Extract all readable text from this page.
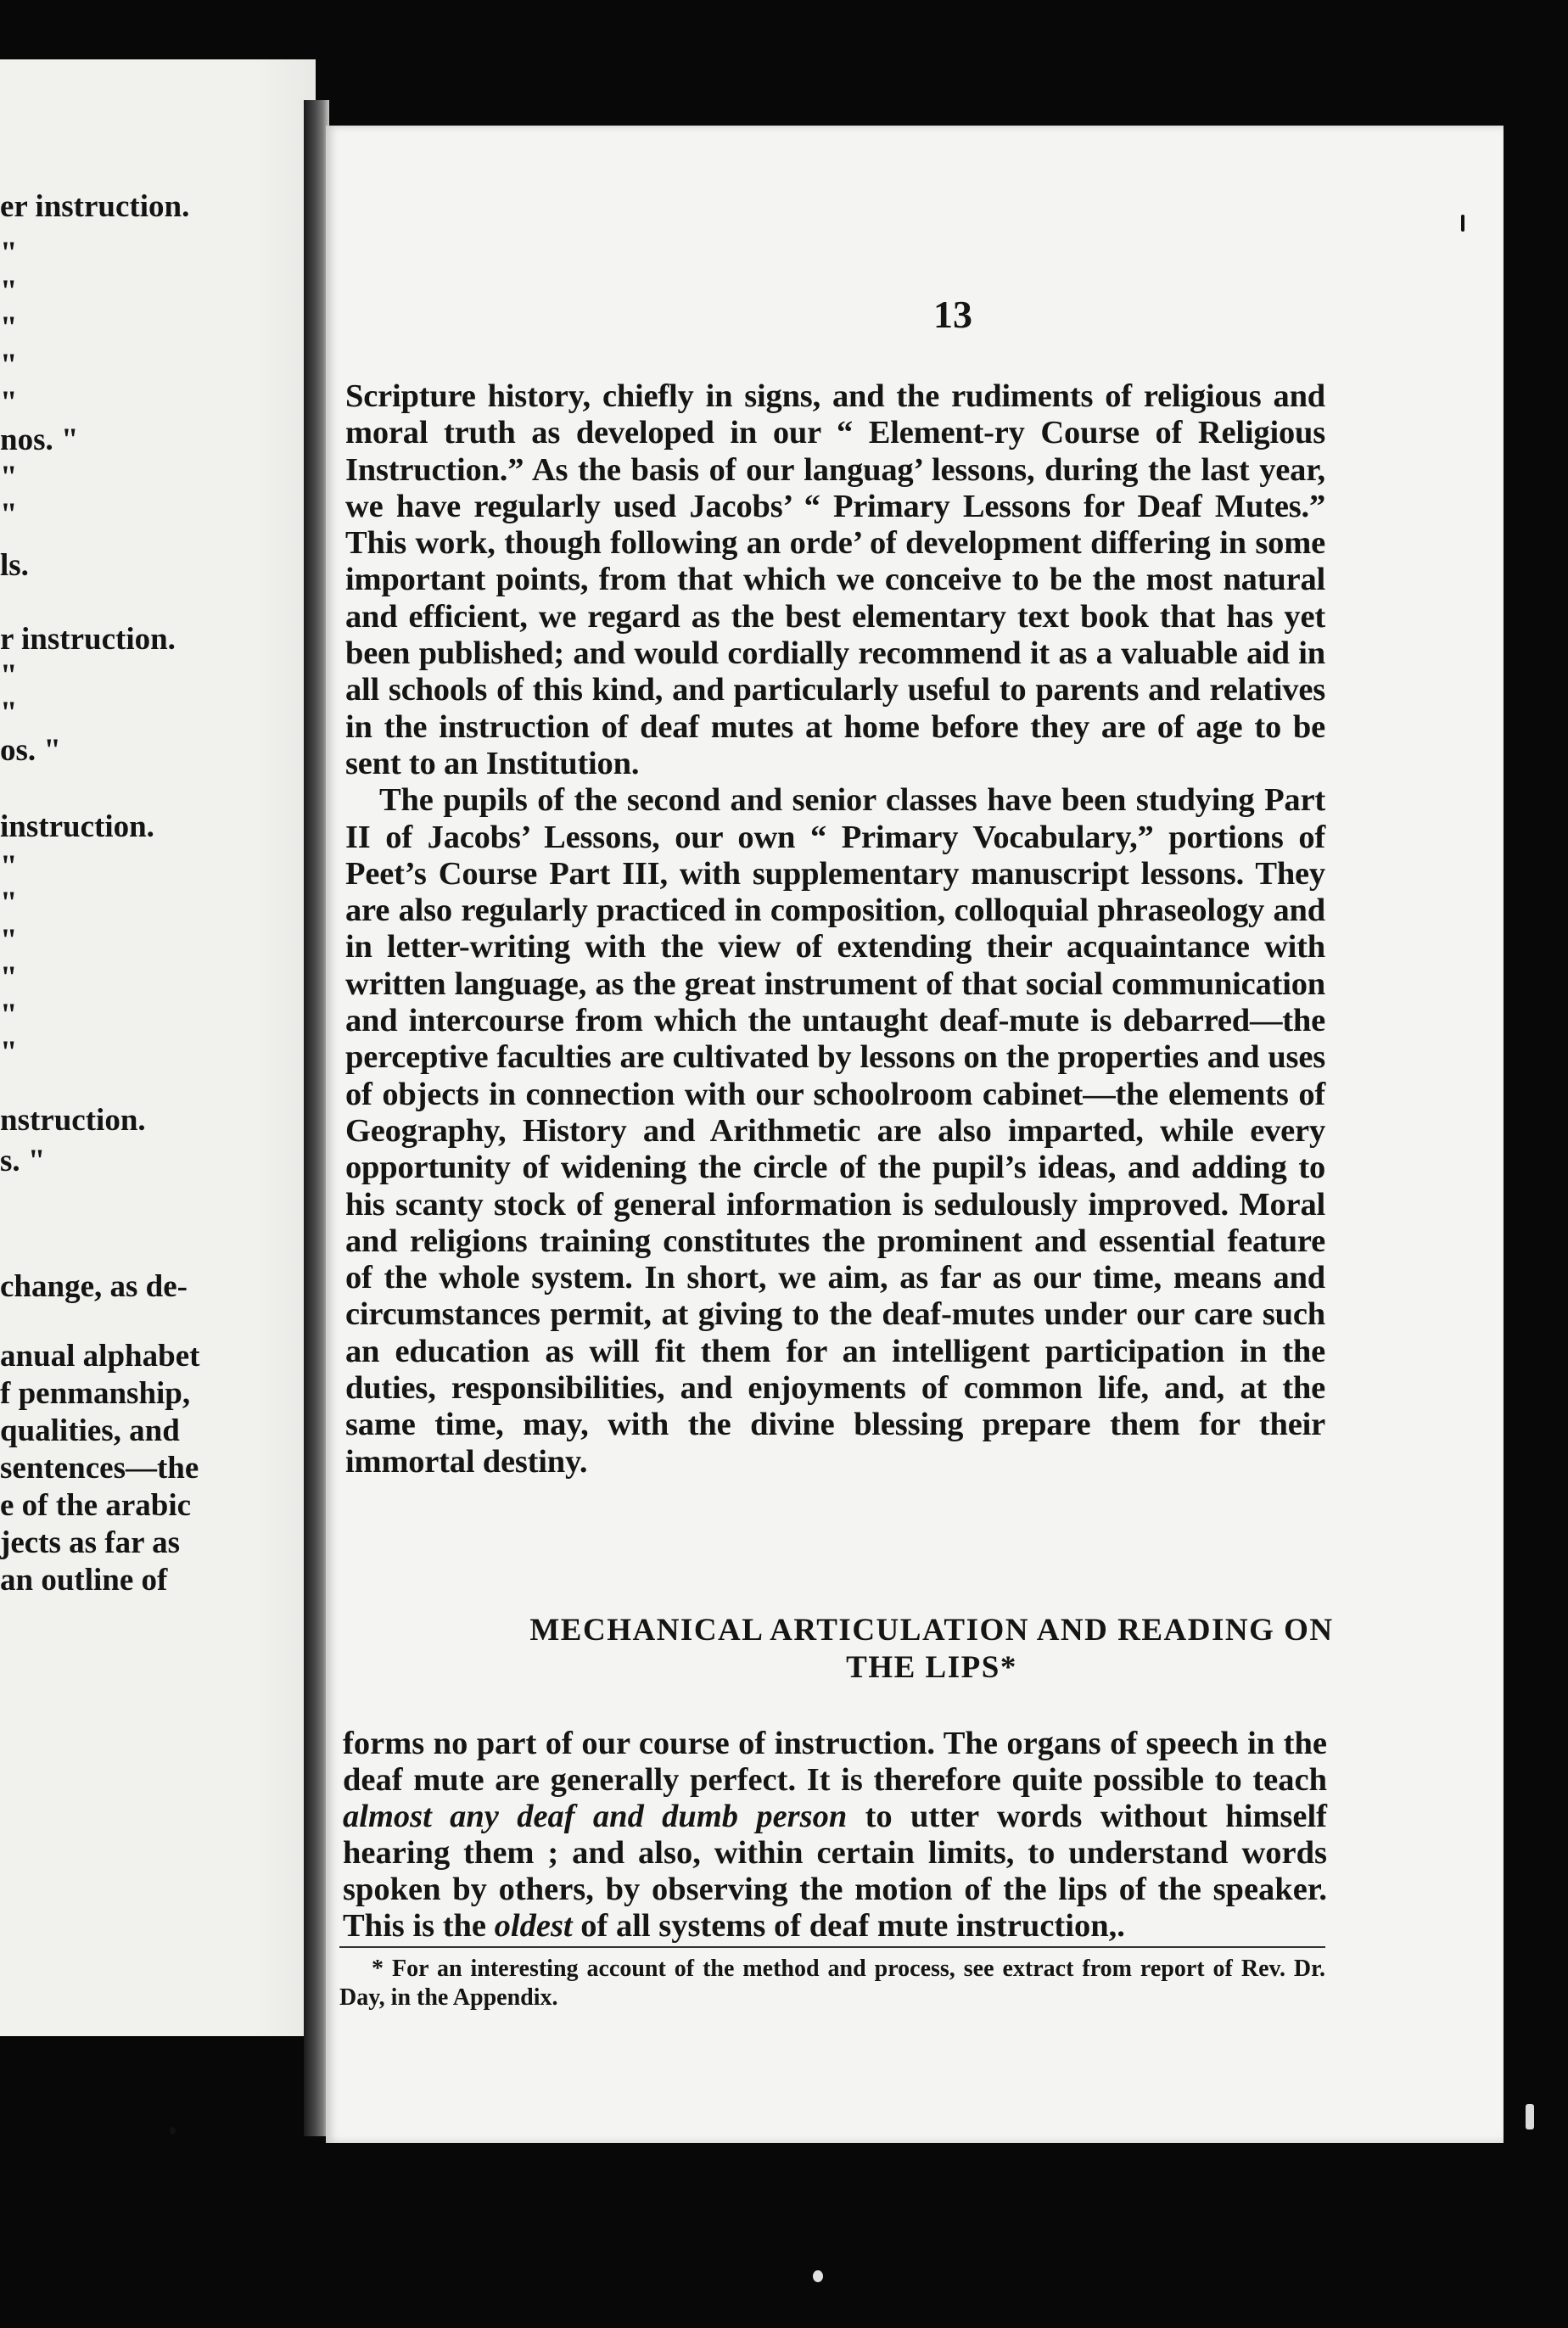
er instruction.
"
"
"
"
"
nos. "
"
"
ls.
r instruction.
"
"
os. "
instruction.
"
"
"
"
"
"
nstruction.
s. "
change, as de-
anual alphabet
f penmanship,
qualities, and
sentences—the
e of the arabic
jects as far as
an outline of

13

Scripture history, chiefly in signs, and the rudiments of religious and moral truth as developed in our “ Element‐ry Course of Religious Instruction.” As the basis of our languag’ lessons, during the last year, we have regularly used Jacobs’ “ Primary Lessons for Deaf Mutes.” This work, though following an orde’ of development differing in some important points, from that which we conceive to be the most natural and efficient, we regard as the best elementary text book that has yet been published; and would cordially recommend it as a valuable aid in all schools of this kind, and particularly useful to parents and relatives in the instruction of deaf mutes at home before they are of age to be sent to an Institution.

The pupils of the second and senior classes have been studying Part II of Jacobs’ Lessons, our own “ Primary Vocabulary,” portions of Peet’s Course Part III, with supplementary manuscript lessons. They are also regularly practiced in composition, colloquial phraseology and in letter-writing with the view of extending their acquaintance with written language, as the great instrument of that social communication and intercourse from which the untaught deaf-mute is debarred—the perceptive faculties are cultivated by lessons on the properties and uses of objects in connection with our schoolroom cabinet—the elements of Geography, History and Arithmetic are also imparted, while every opportunity of widening the circle of the pupil’s ideas, and adding to his scanty stock of general information is sedulously improved. Moral and religions training constitutes the prominent and essential feature of the whole system. In short, we aim, as far as our time, means and circumstances permit, at giving to the deaf-mutes under our care such an education as will fit them for an intelligent participation in the duties, responsibilities, and enjoyments of common life, and, at the same time, may, with the divine blessing prepare them for their immortal destiny.

MECHANICAL ARTICULATION AND READING ON
THE LIPS*

forms no part of our course of instruction. The organs of speech in the deaf mute are generally perfect. It is therefore quite possible to teach almost any deaf and dumb person to utter words without himself hearing them ; and also, within certain limits, to understand words spoken by others, by observing the motion of the lips of the speaker. This is the oldest of all systems of deaf mute instruction,.

* For an interesting account of the method and process, see extract from report of Rev. Dr. Day, in the Appendix.
